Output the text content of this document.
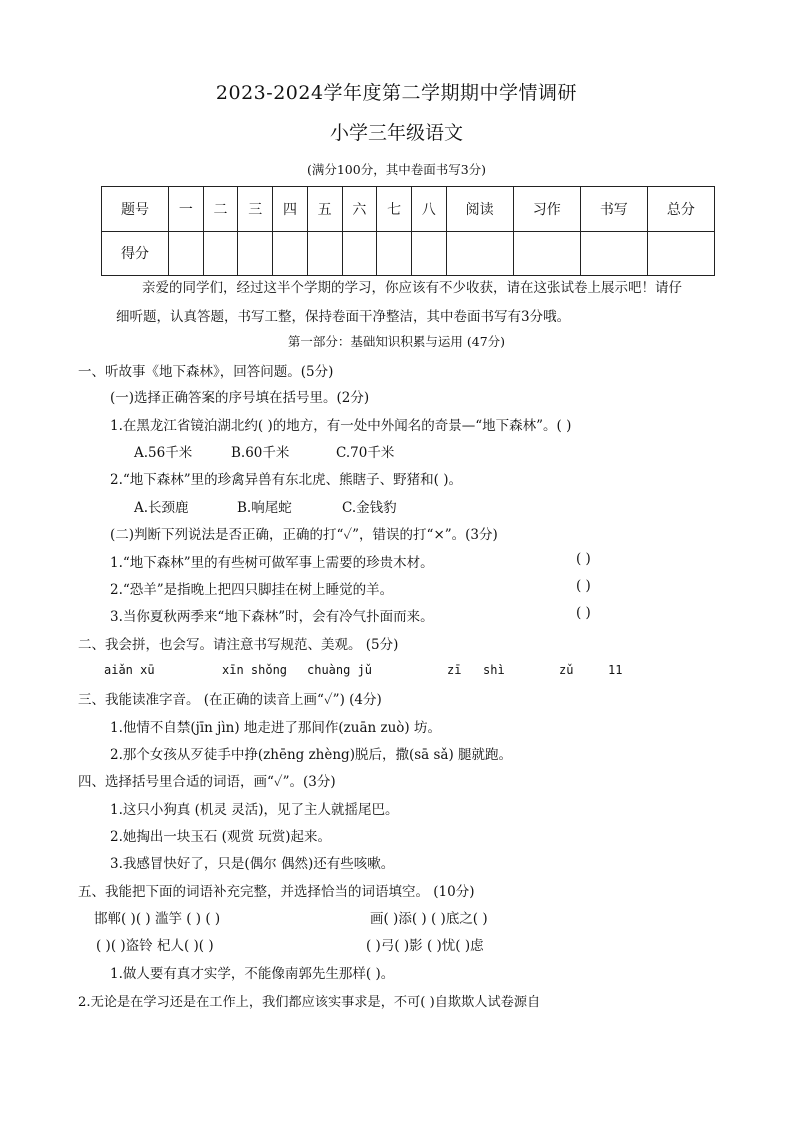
2023-2024学年度第二学期期中学情调研
小学三年级语文
(满分100分，其中卷面书写3分)
题号	一	二	三	四	五	六	七	八	阅读	习作	书写	总分
得分												
亲爱的同学们，经过这半个学期的学习，你应该有不少收获，请在这张试卷上展示吧！请仔
细听题，认真答题，书写工整，保持卷面干净整洁，其中卷面书写有3分哦。
第一部分：基础知识积累与运用 (47分)
一、听故事《地下森林》，回答问题。(5分)
(一)选择正确答案的序号填在括号里。(2分)
1.在黑龙江省镜泊湖北约( )的地方，有一处中外闻名的奇景—“地下森林”。( )
A.56千米	B.60千米	C.70千米
2.“地下森林”里的珍禽异兽有东北虎、熊瞎子、野猪和( )。
A.长颈鹿	B.响尾蛇	C.金钱豹
(二)判断下列说法是否正确，正确的打“✓”，错误的打“×”。(3分)
1.“地下森林”里的有些树可做军事上需要的珍贵木材。	( )
2.“恐羊”是指晚上把四只脚挂在树上睡觉的羊。	( )
3.当你夏秋两季来“地下森林”时，会有冷气扑面而来。	( )
二、我会拼，也会写。请注意书写规范、美观。 (5分)
aiǎn xū	xīn shǒng chuàng jǔ	zī shì	zǔ	11
三、我能读准字音。 (在正确的读音上画“✓”) (4分)
1.他情不自禁(jīn jìn) 地走进了那间作(zuān zuò) 坊。
2.那个女孩从歹徒手中挣(zhēng zhèng)脱后，撒(sā sǎ) 腿就跑。
四、选择括号里合适的词语，画“✓”。(3分)
1.这只小狗真 (机灵 灵活)，见了主人就摇尾巴。
2.她掏出一块玉石 (观赏 玩赏)起来。
3.我感冒快好了，只是(偶尔 偶然)还有些咳嗽。
五、我能把下面的词语补充完整，并选择恰当的词语填空。 (10分)
邯郸( )( ) 滥竽 ( ) ( )	画( )添( ) ( )底之( )
( )( )盗铃 杞人( )( )	( )弓( )影 ( )忧( )虑
1.做人要有真才实学，不能像南郭先生那样( )。
2.无论是在学习还是在工作上，我们都应该实事求是，不可( )自欺欺人试卷源自
